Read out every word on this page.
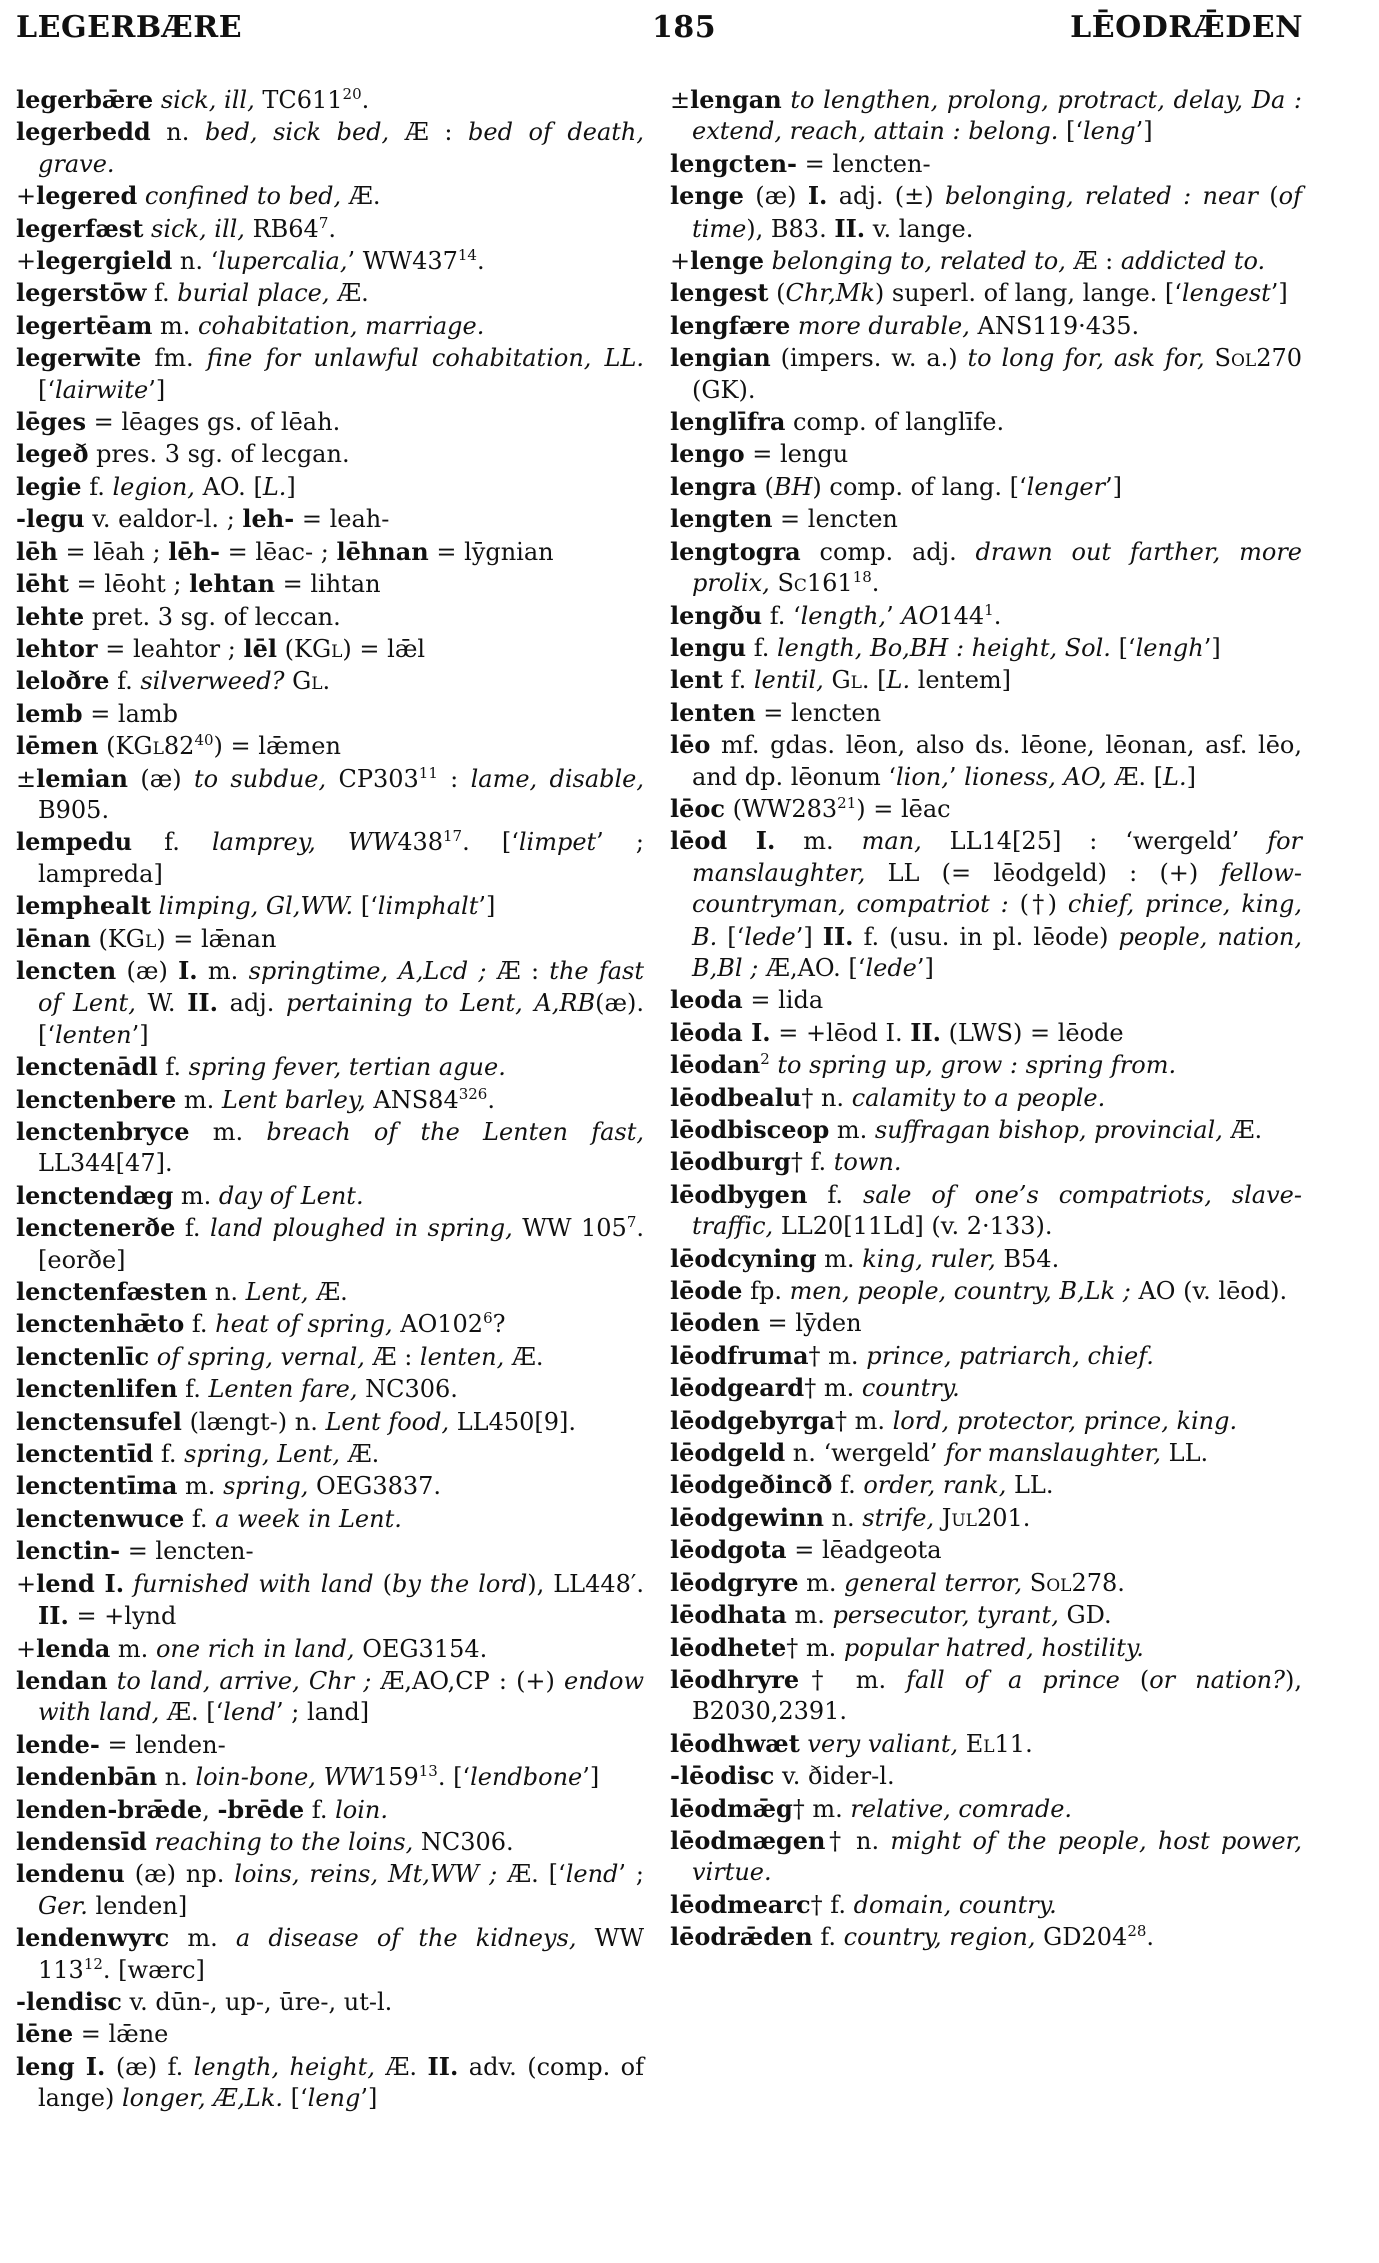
LEGERBÆRE	185	LĒODRǢDEN
legerbǣre sick, ill, $TC611^{20}$.
legerbedd n. bed, sick bed, Æ : bed of death, grave.
+legered confined to bed, Æ.
legerfæst sick, ill, $RB64^7$.
+legergield n. ‘lupercalia,’ $WW437^{14}$.
legerstōw f. burial place, Æ.
legertēam m. cohabitation, marriage.
legerwīte fm. fine for unlawful cohabitation, LL. [‘lairwite’]
lēges = lēages gs. of lēah.
legeð pres. 3 sg. of lecgan.
legie f. legion, AO. [L.]
-legu v. ealdor-l. ; leh- = leah-
lēh = lēah ; lēh- = lēac- ; lēhnan = lȳgnian
lēht = lēoht ; lehtan = lihtan
lehte pret. 3 sg. of leccan.
lehtor = leahtor ; lēl (KGl) = lǣl
leloðre f. silverweed? Gl.
lemb = lamb
lēmen $(KGl82^{40})$ = lǣmen
±lemian (æ) to subdue, $CP303^{11}$ : lame, disable, B905.
lempedu f. lamprey, $WW438^{17}$. [‘limpet’ ; lampreda]
lemphealt limping, Gl,WW. [‘limphalt’]
lēnan (KGl) = lǣnan
lencten (æ) I. m. springtime, A,Lcd ; Æ : the fast of Lent, W. II. adj. pertaining to Lent, A,RB(æ). [‘lenten’]
lenctenādl f. spring fever, tertian ague.
lenctenbere m. Lent barley, $ANS84^{326}$.
lenctenbryce m. breach of the Lenten fast, LL344[47].
lenctendæg m. day of Lent.
lenctenerðe f. land ploughed in spring, WW $105^7$. [eorðe]
lenctenfæsten n. Lent, Æ.
lenctenhǣto f. heat of spring, $AO102^6$?
lenctenlīc of spring, vernal, Æ : lenten, Æ.
lenctenlifen f. Lenten fare, NC306.
lenctensufel (længt-) n. Lent food, LL450[9].
lenctentīd f. spring, Lent, Æ.
lenctentīma m. spring, OEG3837.
lenctenwuce f. a week in Lent.
lenctin- = lencten-
+lend I. furnished with land (by the lord), LL448′. II. = +lynd
+lenda m. one rich in land, OEG3154.
lendan to land, arrive, Chr ; Æ,AO,CP : (+) endow with land, Æ. [‘lend’ ; land]
lende- = lenden-
lendenbān n. loin-bone, $WW159^{13}$. [‘lendbone’]
lenden-brǣde, -brēde f. loin.
lendensīd reaching to the loins, NC306.
lendenu (æ) np. loins, reins, Mt,WW ; Æ. [‘lend’ ; Ger. lenden]
lendenwyrc m. a disease of the kidneys, WW $113^{12}$. [wærc]
-lendisc v. dūn-, up-, ūre-, ut-l.
lēne = lǣne
leng I. (æ) f. length, height, Æ. II. adv. (comp. of lange) longer, Æ,Lk. [‘leng’]
±lengan to lengthen, prolong, protract, delay, Da : extend, reach, attain : belong. [‘leng’]
lengcten- = lencten-
lenge (æ) I. adj. (±) belonging, related : near (of time), B83. II. v. lange.
+lenge belonging to, related to, Æ : addicted to.
lengest (Chr,Mk) superl. of lang, lange. [‘lengest’]
lengfære more durable, ANS119·435.
lengian (impers. w. a.) to long for, ask for, Sol270 (GK).
lenglīfra comp. of langlīfe.
lengo = lengu
lengra (BH) comp. of lang. [‘lenger’]
lengten = lencten
lengtogra comp. adj. drawn out farther, more prolix, $Sc161^{18}$.
lengðu f. ‘length,’ $AO144^1$.
lengu f. length, Bo,BH : height, Sol. [‘lengh’]
lent f. lentil, Gl. [L. lentem]
lenten = lencten
lēo mf. gdas. lēon, also ds. lēone, lēonan, asf. lēo, and dp. lēonum ‘lion,’ lioness, AO, Æ. [L.]
lēoc $(WW283^{21})$ = lēac
lēod I. m. man, LL14[25] : ‘wergeld’ for manslaughter, LL (= lēodgeld) : (+) fellow-countryman, compatriot : (†) chief, prince, king, B. [‘lede’] II. f. (usu. in pl. lēode) people, nation, B,Bl ; Æ,AO. [‘lede’]
leoda = lida
lēoda I. = +lēod I. II. (LWS) = lēode
lēodan$^2$ to spring up, grow : spring from.
lēodbealu† n. calamity to a people.
lēodbisceop m. suffragan bishop, provincial, Æ.
lēodburg† f. town.
lēodbygen f. sale of one’s compatriots, slave-traffic, LL20[11Ld] (v. 2·133).
lēodcyning m. king, ruler, B54.
lēode fp. men, people, country, B,Lk ; AO (v. lēod).
lēoden = lȳden
lēodfruma† m. prince, patriarch, chief.
lēodgeard† m. country.
lēodgebyrga† m. lord, protector, prince, king.
lēodgeld n. ‘wergeld’ for manslaughter, LL.
lēodgeðincð f. order, rank, LL.
lēodgewinn n. strife, Jul201.
lēodgota = lēadgeota
lēodgryre m. general terror, Sol278.
lēodhata m. persecutor, tyrant, GD.
lēodhete† m. popular hatred, hostility.
lēodhryre† m. fall of a prince (or nation?), B2030,2391.
lēodhwæt very valiant, El11.
-lēodisc v. ðider-l.
lēodmǣg† m. relative, comrade.
lēodmægen† n. might of the people, host power, virtue.
lēodmearc† f. domain, country.
lēodrǣden f. country, region, $GD204^{28}$.
